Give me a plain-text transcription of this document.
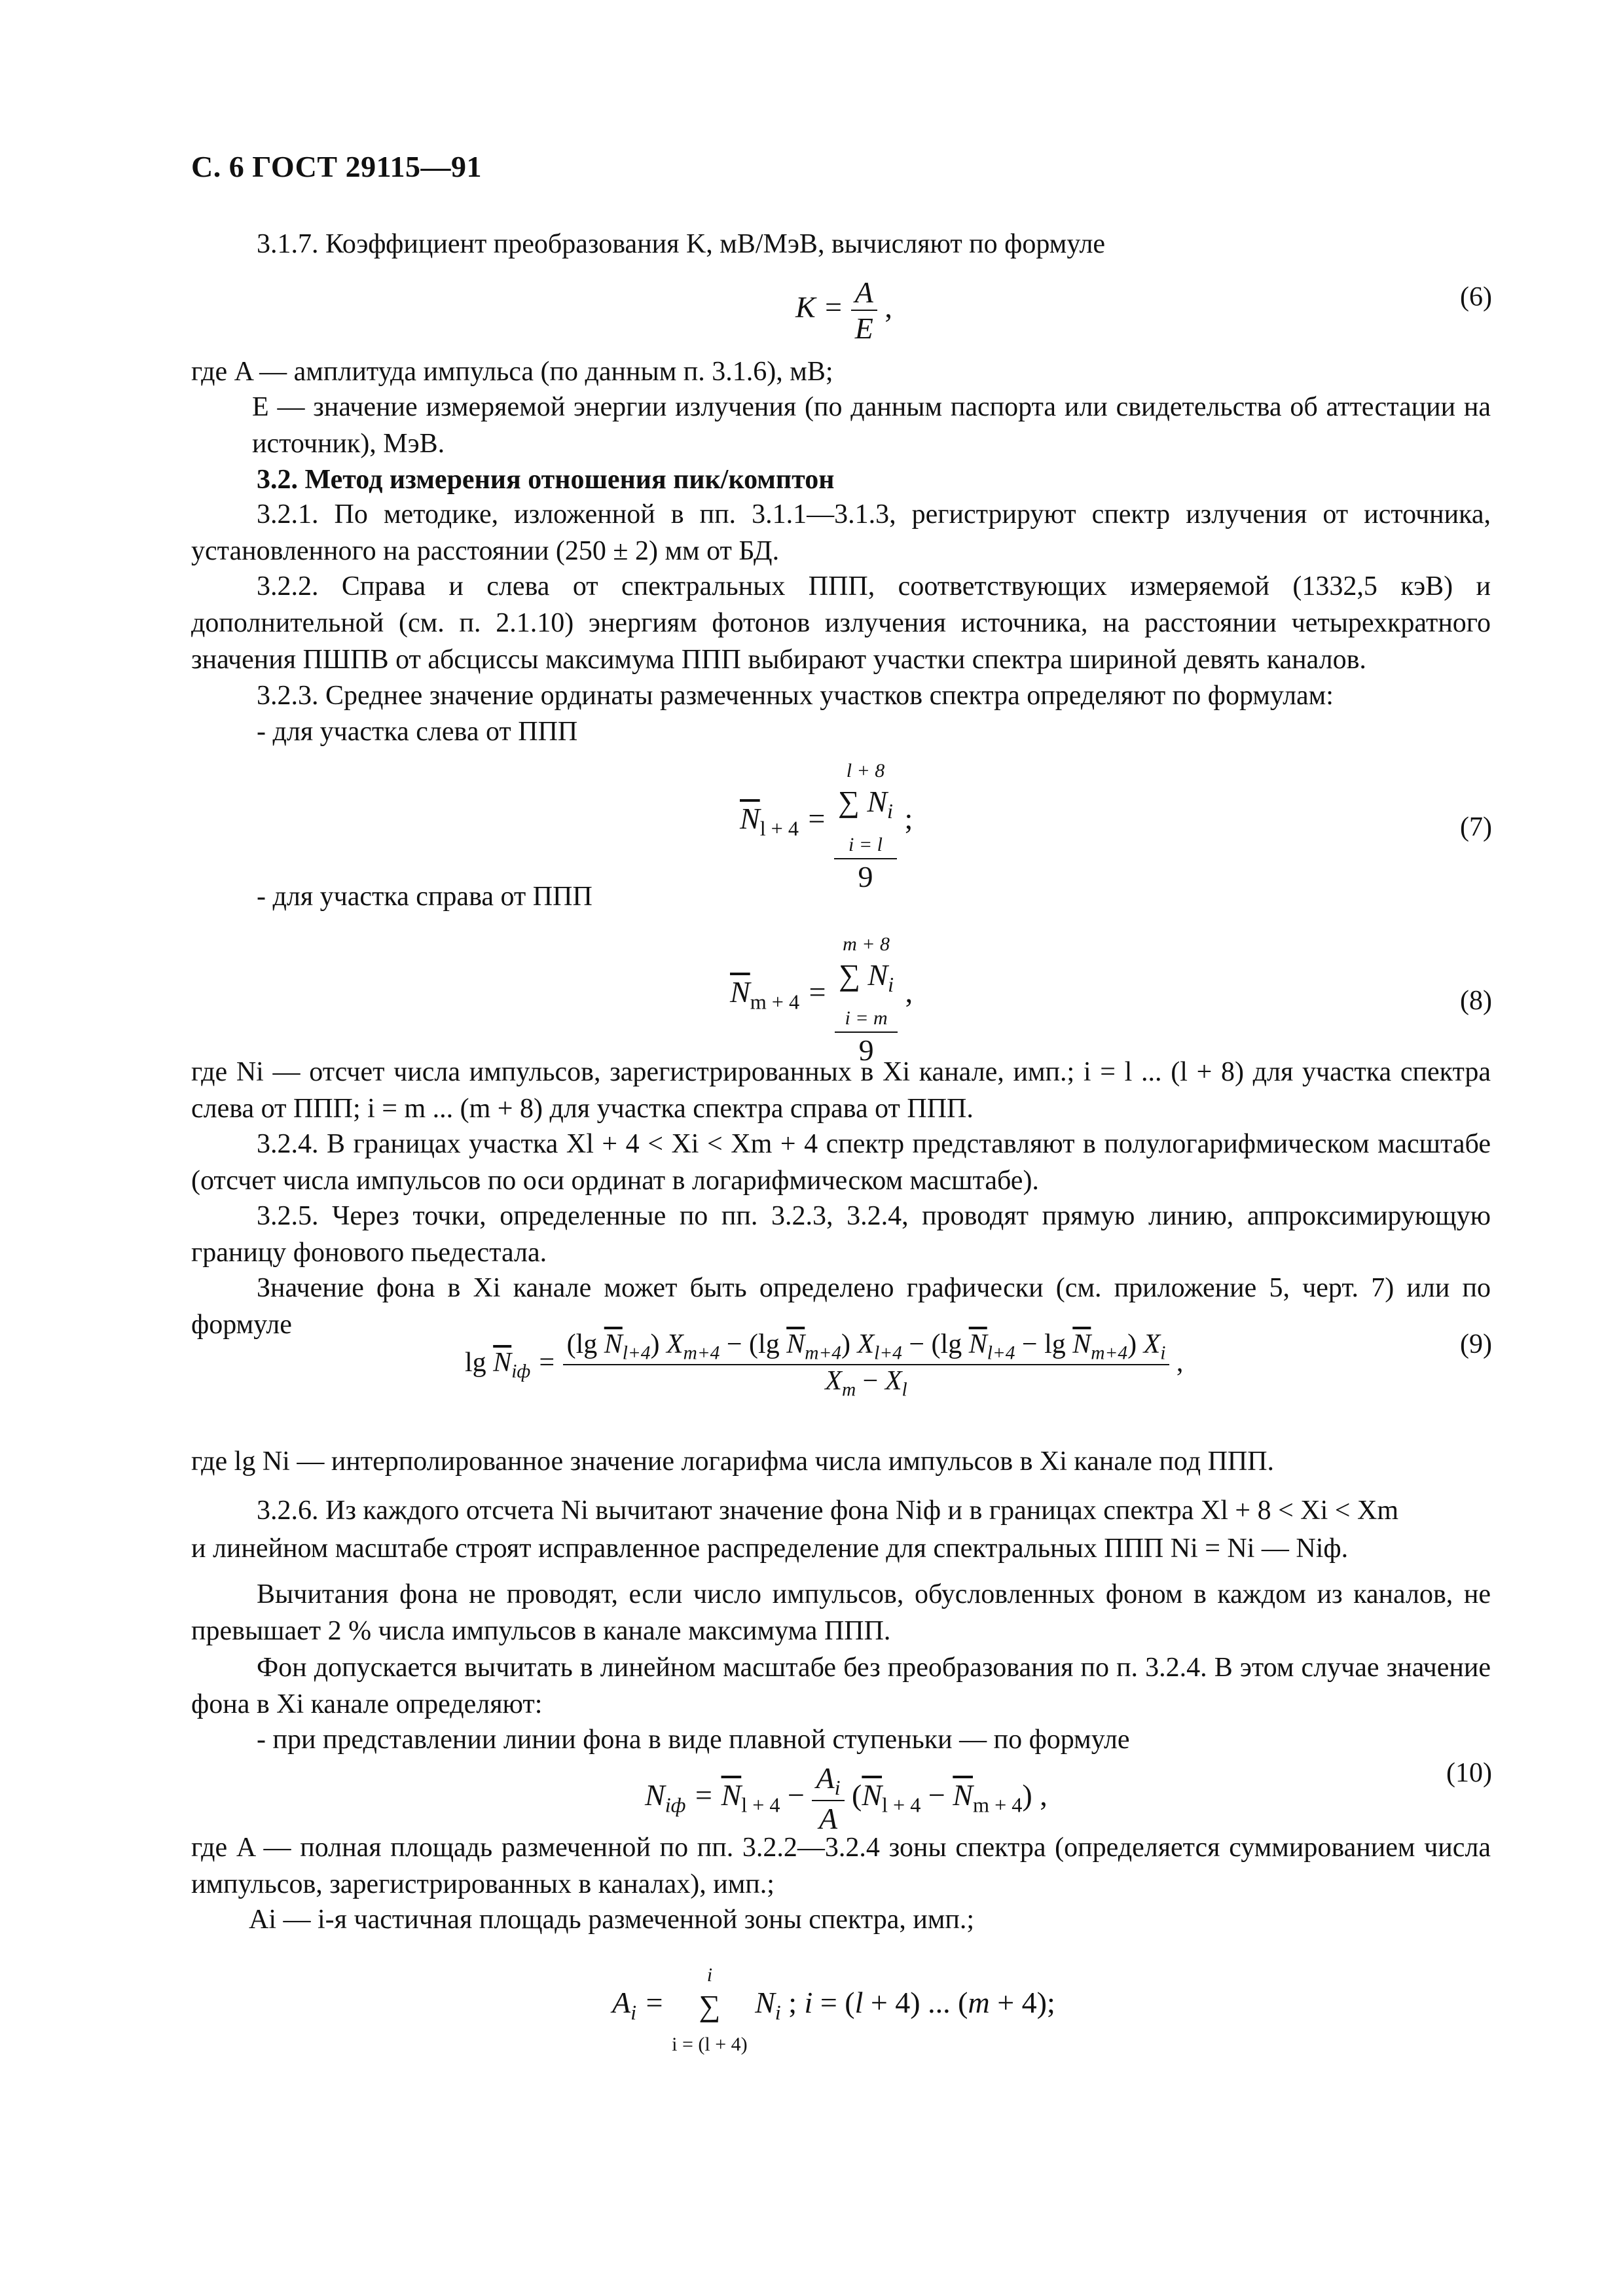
С. 6 ГОСТ 29115—91
3.1.7. Коэффициент преобразования K, мВ/МэВ, вычисляют по формуле
$K = \frac{A}{E}$ ,	(6)
где A — амплитуда импульса (по данным п. 3.1.6), мВ;
E — значение измеряемой энергии излучения (по данным паспорта или свидетельства об аттестации на источник), МэВ.
3.2. Метод измерения отношения пик/комптон
3.2.1. По методике, изложенной в пп. 3.1.1—3.1.3, регистрируют спектр излучения от источника, установленного на расстоянии (250 ± 2) мм от БД.
3.2.2. Справа и слева от спектральных ППП, соответствующих измеряемой (1332,5 кэВ) и дополнительной (см. п. 2.1.10) энергиям фотонов излучения источника, на расстоянии четырехкратного значения ПШПВ от абсциссы максимума ППП выбирают участки спектра шириной девять каналов.
3.2.3. Среднее значение ординаты размеченных участков спектра определяют по формулам:
- для участка слева от ППП
$\overline{N}_{l + 4}$ =
l + 8
∑ $N_i$
i = l
9
;	(7)
- для участка справа от ППП
$\overline{N}_{m + 4}$ =
m + 8
∑ $N_i$
i = m
9
,	(8)
где Ni — отсчет числа импульсов, зарегистрированных в Xi канале, имп.; i = l ... (l + 8) для участка спектра слева от ППП; i = m ... (m + 8) для участка спектра справа от ППП.
3.2.4. В границах участка Xl + 4 < Xi < Xm + 4 спектр представляют в полулогарифмическом масштабе (отсчет числа импульсов по оси ординат в логарифмическом масштабе).
3.2.5. Через точки, определенные по пп. 3.2.3, 3.2.4, проводят прямую линию, аппроксимирующую границу фонового пьедестала.
Значение фона в Xi канале может быть определено графически (см. приложение 5, черт. 7) или по формуле
$\lg \overline{N}_{iф} = \frac{(\lg \overline{N}_{l+4}) X_{m+4} - (\lg \overline{N}_{m+4}) X_{l+4} - (\lg \overline{N}_{l+4} - \lg \overline{N}_{m+4}) X_i}{X_m - X_l}$ ,
(9)
где lg Ni — интерполированное значение логарифма числа импульсов в Xi канале под ППП.
3.2.6. Из каждого отсчета Ni вычитают значение фона Niф и в границах спектра Xl + 8 < Xi < Xm
и линейном масштабе строят исправленное распределение для спектральных ППП Ni = Ni — Niф.
Вычитания фона не проводят, если число импульсов, обусловленных фоном в каждом из каналов, не превышает 2 % числа импульсов в канале максимума ППП.
Фон допускается вычитать в линейном масштабе без преобразования по п. 3.2.4. В этом случае значение фона в Xi канале определяют:
- при представлении линии фона в виде плавной ступеньки — по формуле
$N_{iф} = \overline{N}_{l + 4} - \frac{A_i}{A} (\overline{N}_{l + 4} - \overline{N}_{m + 4})$ ,
(10)
где A — полная площадь размеченной по пп. 3.2.2—3.2.4 зоны спектра (определяется суммированием числа импульсов, зарегистрированных в каналах), имп.;
Ai — i-я частичная площадь размеченной зоны спектра, имп.;
$A_i = i$
∑
i = (l + 4) $N_i$ ; i = (l + 4) ... (m + 4);
